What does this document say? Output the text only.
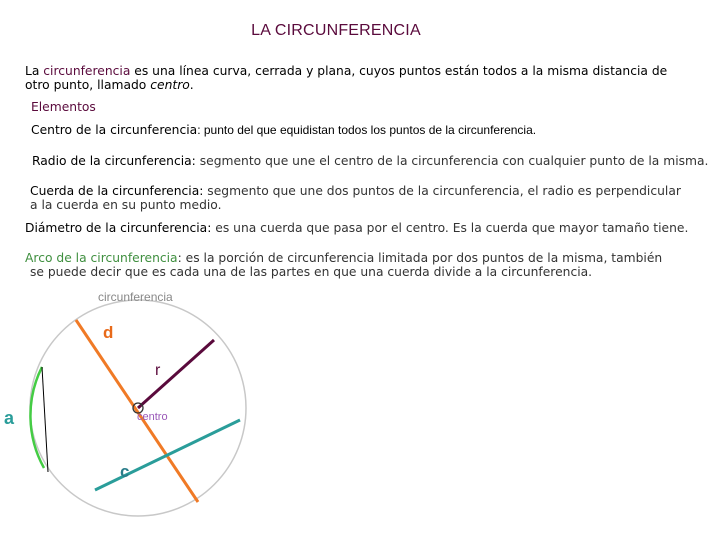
LA CIRCUNFERENCIA
La circunferencia es una línea curva, cerrada y plana, cuyos puntos están todos a la misma distancia de
otro punto, llamado centro.
Elementos
Centro de la circunferencia: punto del que equidistan todos los puntos de la circunferencia.
Radio de la circunferencia: segmento que une el centro de la circunferencia con cualquier punto de la misma.
Cuerda de la circunferencia: segmento que une dos puntos de la circunferencia, el radio es perpendicular
a la cuerda en su punto medio.
Diámetro de la circunferencia: es una cuerda que pasa por el centro. Es la cuerda que mayor tamaño tiene.
Arco de la circunferencia: es la porción de circunferencia limitada por dos puntos de la misma, también
se puede decir que es cada una de las partes en que una cuerda divide a la circunferencia.
circunferencia
d
r
a	centro
c
